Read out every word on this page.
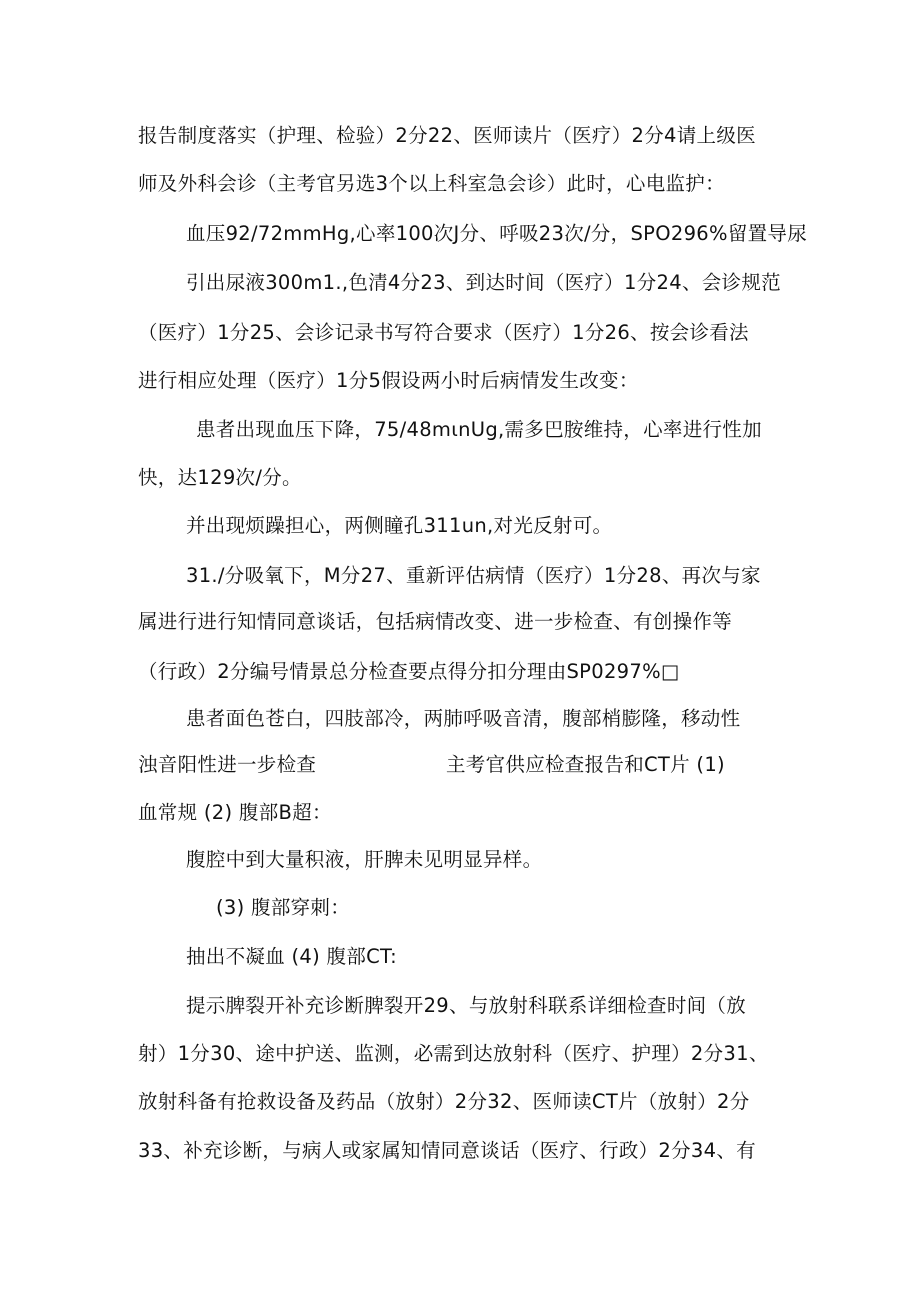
报告制度落实（护理、检验）2分22、医师读片（医疗）2分4请上级医
师及外科会诊（主考官另选3个以上科室急会诊）此时，心电监护：
血压92/72mmHg,心率100次J分、呼吸23次/分，SPO296%留置导尿
引出尿液300m1.,色清4分23、到达时间（医疗）1分24、会诊规范
（医疗）1分25、会诊记录书写符合要求（医疗）1分26、按会诊看法
进行相应处理（医疗）1分5假设两小时后病情发生改变：
患者出现血压下降，75/48mιnUg,需多巴胺维持，心率进行性加
快，达129次/分。
并出现烦躁担心，两侧瞳孔311un,对光反射可。
31./分吸氧下，M分27、重新评估病情（医疗）1分28、再次与家
属进行进行知情同意谈话，包括病情改变、进一步检查、有创操作等
（行政）2分编号情景总分检查要点得分扣分理由SP0297%□
患者面色苍白，四肢部冷，两肺呼吸音清，腹部梢膨隆，移动性
浊音阳性进一步检查	主考官供应检查报告和CT片 (1)
血常规 (2) 腹部B超：
腹腔中到大量积液，肝脾未见明显异样。
(3) 腹部穿刺：
抽出不凝血 (4) 腹部CT:
提示脾裂开补充诊断脾裂开29、与放射科联系详细检查时间（放
射）1分30、途中护送、监测，必需到达放射科（医疗、护理）2分31、
放射科备有抢救设备及药品（放射）2分32、医师读CT片（放射）2分
33、补充诊断，与病人或家属知情同意谈话（医疗、行政）2分34、有
